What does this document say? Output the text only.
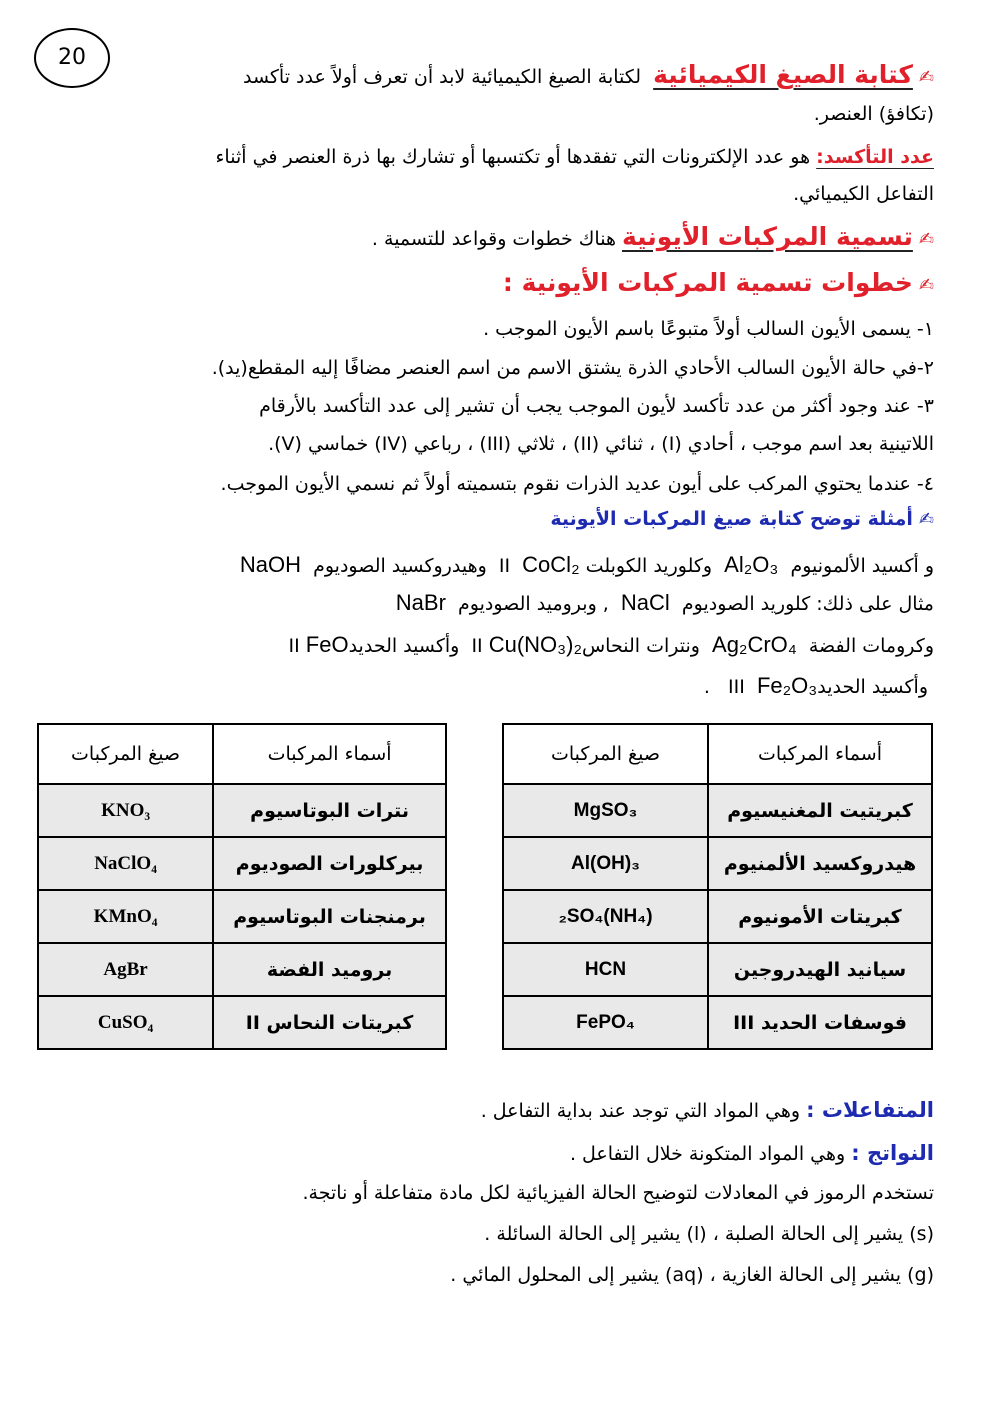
20
✍كتابة الصيغ الكيميائية  لكتابة الصيغ الكيميائية لابد أن تعرف أولاً عدد تأكسد
(تكافؤ) العنصر.
عدد التأكسد: هو عدد الإلكترونات التي تفقدها أو تكتسبها أو تشارك بها ذرة العنصر في أثناء
التفاعل الكيميائي.
✍تسمية المركبات الأيونية هناك خطوات وقواعد للتسمية .
✍خطوات تسمية المركبات الأيونية :
١- يسمى الأيون السالب أولاً متبوعًا باسم الأيون الموجب .
٢-في حالة الأيون السالب الأحادي الذرة يشتق الاسم من اسم العنصر مضافًا إليه المقطع(يد).
٣- عند وجود أكثر من عدد تأكسد لأيون الموجب يجب أن تشير إلى عدد التأكسد بالأرقام
اللاتينية بعد اسم موجب ، أحادي (I) ، ثنائي (II) ، ثلاثي (III) ، رباعي (IV) خماسي (V).
٤- عندما يحتوي المركب على أيون عديد الذرات نقوم بتسميته أولاً ثم نسمي الأيون الموجب.
✍أمثلة توضح كتابة صيغ المركبات الأيونية
و أكسيد الألمونيوم  Al₂O₃  وكلوريد الكوبلت II  CoCl₂  وهيدروكسيد الصوديوم  NaOH
مثال على ذلك: كلوريد الصوديوم  NaCl  , وبروميد الصوديوم  NaBr
وكرومات الفضة  Ag₂CrO₄  ونترات النحاسII Cu(NO₃)₂  وأكسيد الحديدII FeO
وأكسيد الحديدIII  Fe₂O₃   .
أسماء المركبات	صيغ المركبات
كبريتيت المغنيسيوم	MgSO₃
هيدروكسيد الألمنيوم	Al(OH)₃
كبريتات الأمونيوم	(NH₄)₂SO₄
سيانيد الهيدروجين	HCN
فوسفات الحديد III	FePO₄
أسماء المركبات	صيغ المركبات
نترات البوتاسيوم	KNO₃
بيركلورات الصوديوم	NaClO₄
برمنجنات البوتاسيوم	KMnO₄
بروميد الفضة	AgBr
كبريتات النحاس II	CuSO₄
المتفاعلات : وهي المواد التي توجد عند بداية التفاعل .
النواتج : وهي المواد المتكونة خلال التفاعل .
تستخدم الرموز في المعادلات لتوضيح الحالة الفيزيائية لكل مادة متفاعلة أو ناتجة.
(s) يشير إلى الحالة الصلبة ، (l) يشير إلى الحالة السائلة .
(g) يشير إلى الحالة الغازية ، (aq) يشير إلى المحلول المائي .
